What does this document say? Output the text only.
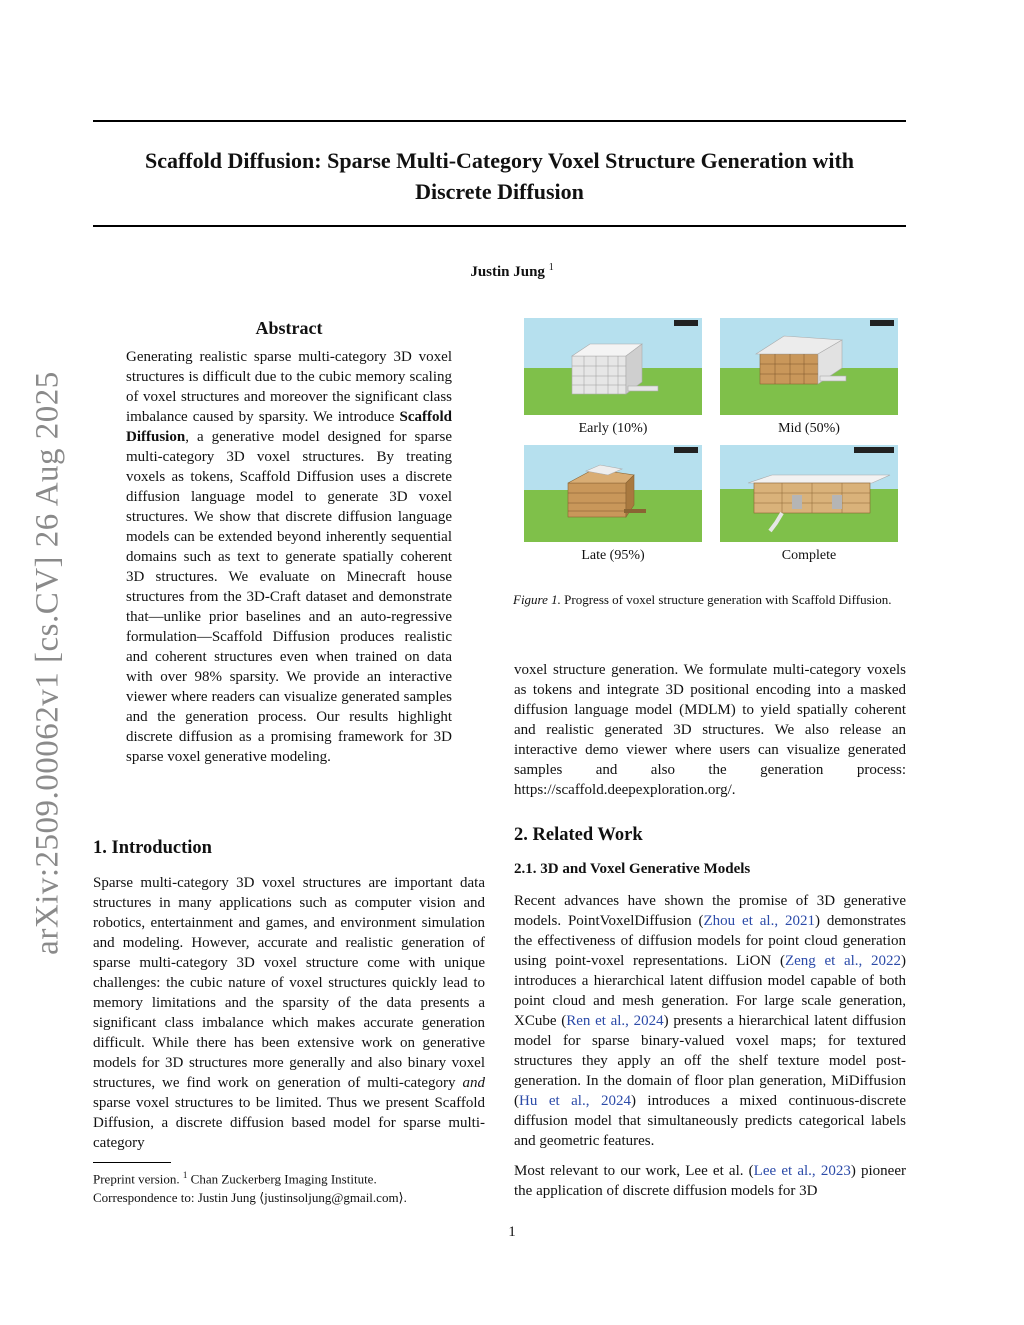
Scaffold Diffusion: Sparse Multi-Category Voxel Structure Generation with
Discrete Diffusion
Justin Jung $^1$
arXiv:2509.00062v1 [cs.CV] 26 Aug 2025
Abstract
Generating realistic sparse multi-category 3D voxel structures is difficult due to the cubic memory scaling of voxel structures and moreover the significant class imbalance caused by sparsity. We introduce Scaffold Diffusion, a generative model designed for sparse multi-category 3D voxel structures. By treating voxels as tokens, Scaffold Diffusion uses a discrete diffusion language model to generate 3D voxel structures. We show that discrete diffusion language models can be extended beyond inherently sequential domains such as text to generate spatially coherent 3D structures. We evaluate on Minecraft house structures from the 3D-Craft dataset and demonstrate that—unlike prior baselines and an auto-regressive formulation—Scaffold Diffusion produces realistic and coherent structures even when trained on data with over 98% sparsity. We provide an interactive viewer where readers can visualize generated samples and the generation process. Our results highlight discrete diffusion as a promising framework for 3D sparse voxel generative modeling.
1. Introduction
Sparse multi-category 3D voxel structures are important data structures in many applications such as computer vision and robotics, entertainment and games, and environment simulation and modeling. However, accurate and realistic generation of sparse multi-category 3D voxel structure come with unique challenges: the cubic nature of voxel structures quickly lead to memory limitations and the sparsity of the data presents a significant class imbalance which makes accurate generation difficult. While there has been extensive work on generative models for 3D structures more generally and also binary voxel structures, we find work on generation of multi-category and sparse voxel structures to be limited. Thus we present Scaffold Diffusion, a discrete diffusion based model for sparse multi-category
Early (10%)	Mid (50%)
Late (95%)	Complete
Figure 1. Progress of voxel structure generation with Scaffold Diffusion.
voxel structure generation. We formulate multi-category voxels as tokens and integrate 3D positional encoding into a masked diffusion language model (MDLM) to yield spatially coherent and realistic generated 3D structures. We also release an interactive demo viewer where users can visualize generated samples and also the generation process: https://scaffold.deepexploration.org/.
2. Related Work
2.1. 3D and Voxel Generative Models
Recent advances have shown the promise of 3D generative models. PointVoxelDiffusion (Zhou et al., 2021) demonstrates the effectiveness of diffusion models for point cloud generation using point-voxel representations. LiON (Zeng et al., 2022) introduces a hierarchical latent diffusion model capable of both point cloud and mesh generation. For large scale generation, XCube (Ren et al., 2024) presents a hierarchical latent diffusion model for sparse binary-valued voxel maps; for textured structures they apply an off the shelf texture model post-generation. In the domain of floor plan generation, MiDiffusion (Hu et al., 2024) introduces a mixed continuous-discrete diffusion model that simultaneously predicts categorical labels and geometric features.
Most relevant to our work, Lee et al. (Lee et al., 2023) pioneer the application of discrete diffusion models for 3D
Preprint version. $^1$ Chan Zuckerberg Imaging Institute.
Correspondence to: Justin Jung ⟨justinsoljung@gmail.com⟩.
1
